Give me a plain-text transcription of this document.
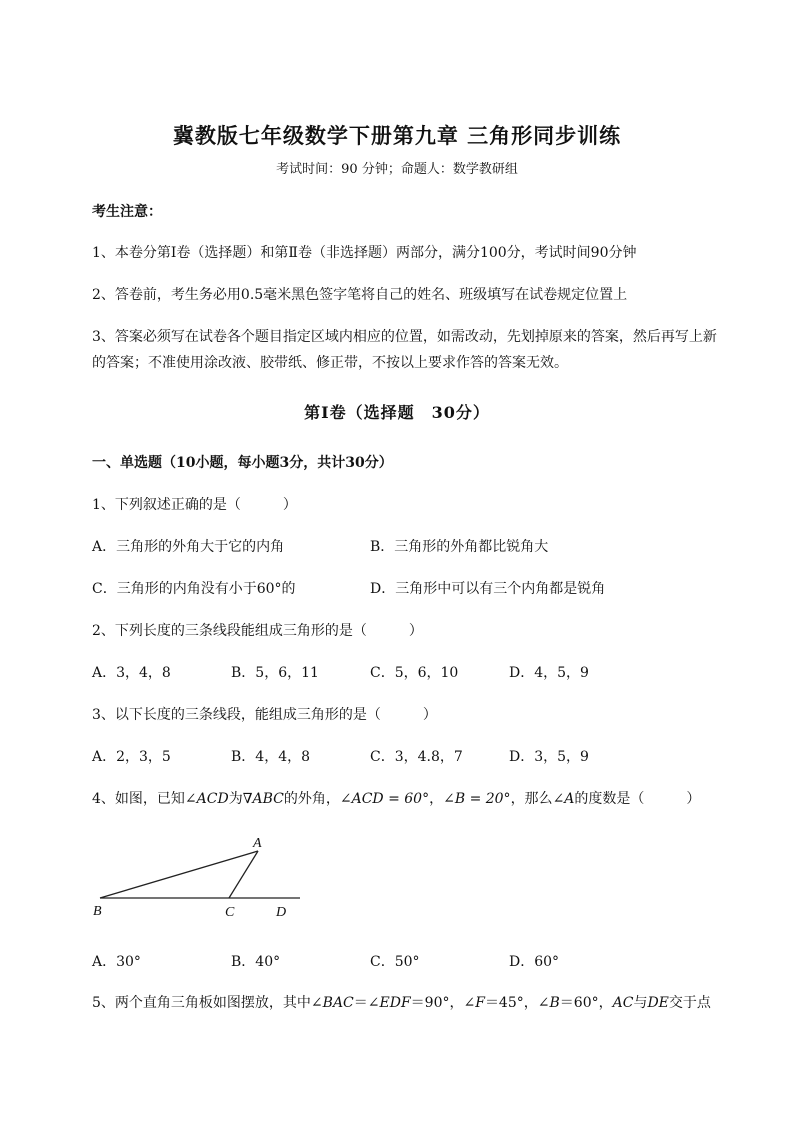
冀教版七年级数学下册第九章 三角形同步训练
考试时间：90 分钟；命题人：数学教研组
考生注意：
1、本卷分第Ⅰ卷（选择题）和第Ⅱ卷（非选择题）两部分，满分100分，考试时间90分钟
2、答卷前，考生务必用0.5毫米黑色签字笔将自己的姓名、班级填写在试卷规定位置上
3、答案必须写在试卷各个题目指定区域内相应的位置，如需改动，先划掉原来的答案，然后再写上新
的答案；不准使用涂改液、胶带纸、修正带，不按以上要求作答的答案无效。
第Ⅰ卷（选择题　30分）
一、单选题（10小题，每小题3分，共计30分）
1、下列叙述正确的是（　　　）
A．三角形的外角大于它的内角	B．三角形的外角都比锐角大
C．三角形的内角没有小于60°的	D．三角形中可以有三个内角都是锐角
2、下列长度的三条线段能组成三角形的是（　　　）
A．3，4，8	B．5，6，11	C．5，6，10	D．4，5，9
3、以下长度的三条线段，能组成三角形的是（　　　）
A．2，3，5	B．4，4，8	C．3，4.8，7	D．3，5，9
4、如图，已知∠ACD为∇ABC的外角，∠ACD = 60°，∠B = 20°，那么∠A的度数是（　　　）
A
B	C	D
A．30°	B．40°	C．50°	D．60°
5、两个直角三角板如图摆放，其中∠BAC＝∠EDF＝90°，∠F＝45°，∠B＝60°，AC与DE交于点
